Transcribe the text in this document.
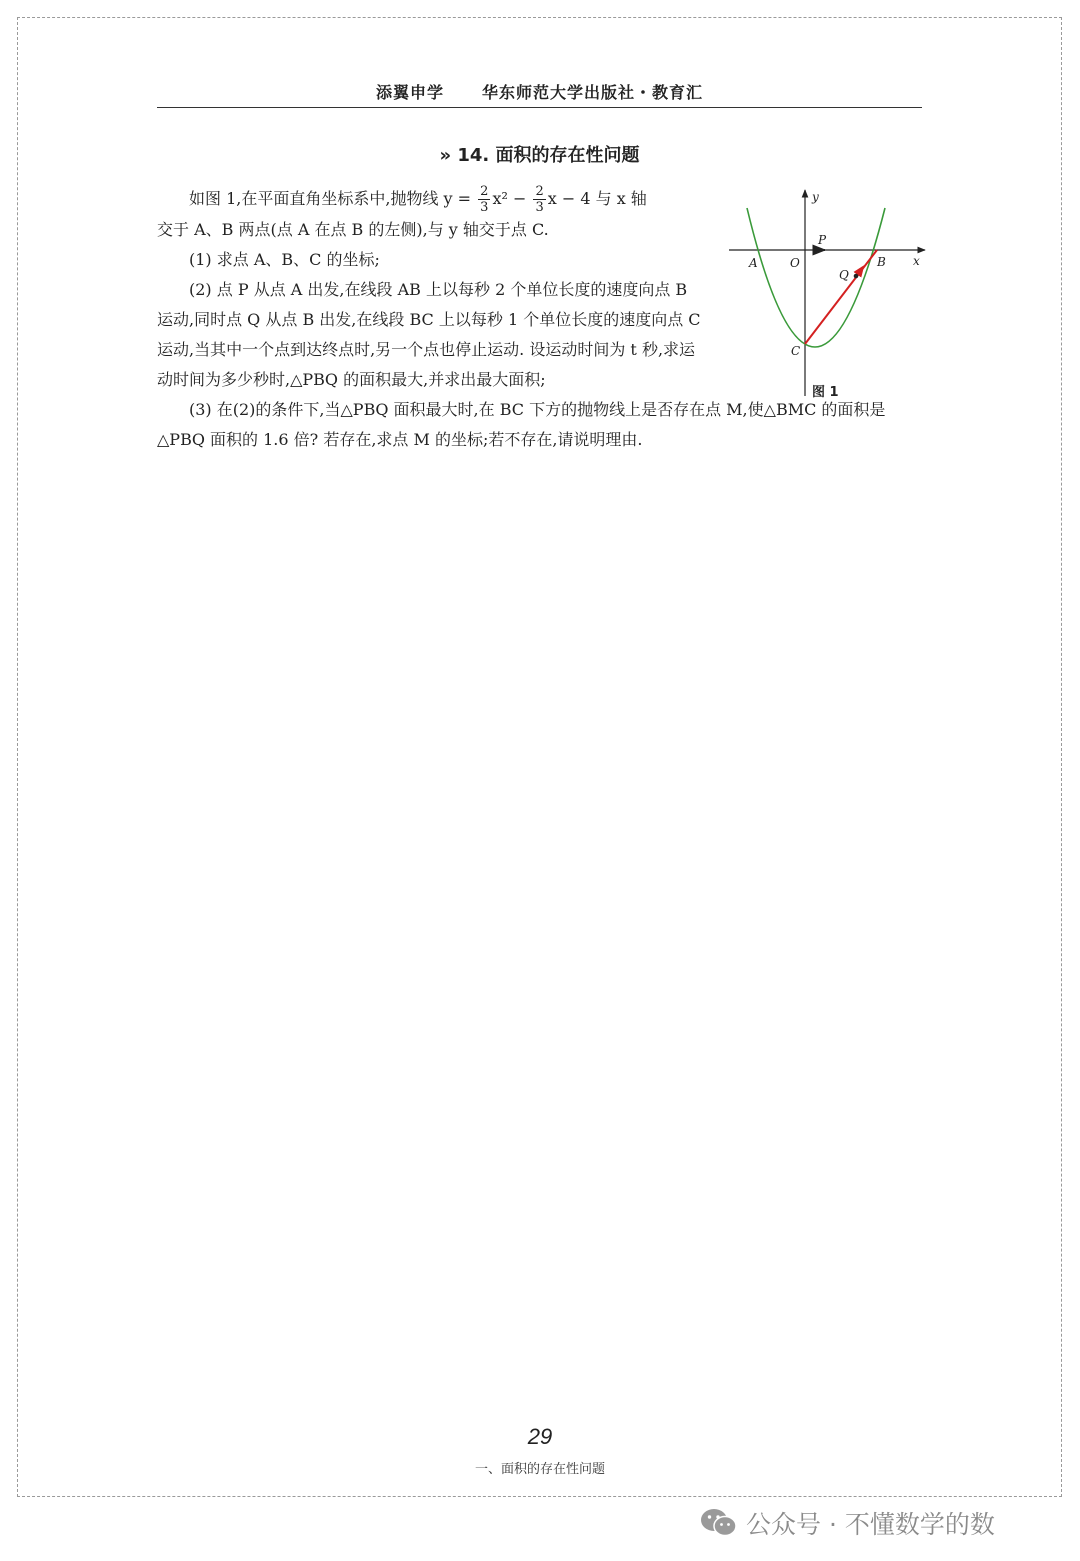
添翼申学 华东师范大学出版社・教育汇
» 14. 面积的存在性问题

如图 1,在平面直角坐标系中,抛物线 $y = \frac{2}{3} x^2 - \frac{2}{3}$ x − 4 与 x 轴

交于 A、B 两点(点 A 在点 B 的左侧),与 y 轴交于点 C.

(1) 求点 A、B、C 的坐标;

(2) 点 P 从点 A 出发,在线段 AB 上以每秒 2 个单位长度的速度向点 B 运动,同时点 Q 从点 B 出发,在线段 BC 上以每秒 1 个单位长度的速度向点 C 运动,当其中一个点到达终点时,另一个点也停止运动. 设运动时间为 t 秒,求运动时间为多少秒时,△PBQ 的面积最大,并求出最大面积;

(3) 在(2)的条件下,当△PBQ 面积最大时,在 BC 下方的抛物线上是否存在点 M,使△BMC 的面积是△PBQ 面积的 1.6 倍? 若存在,求点 M 的坐标;若不存在,请说明理由.

y
x
A	O
P
Q
B
C
图 1
29
一、面积的存在性问题
公众号 · 不懂数学的数
